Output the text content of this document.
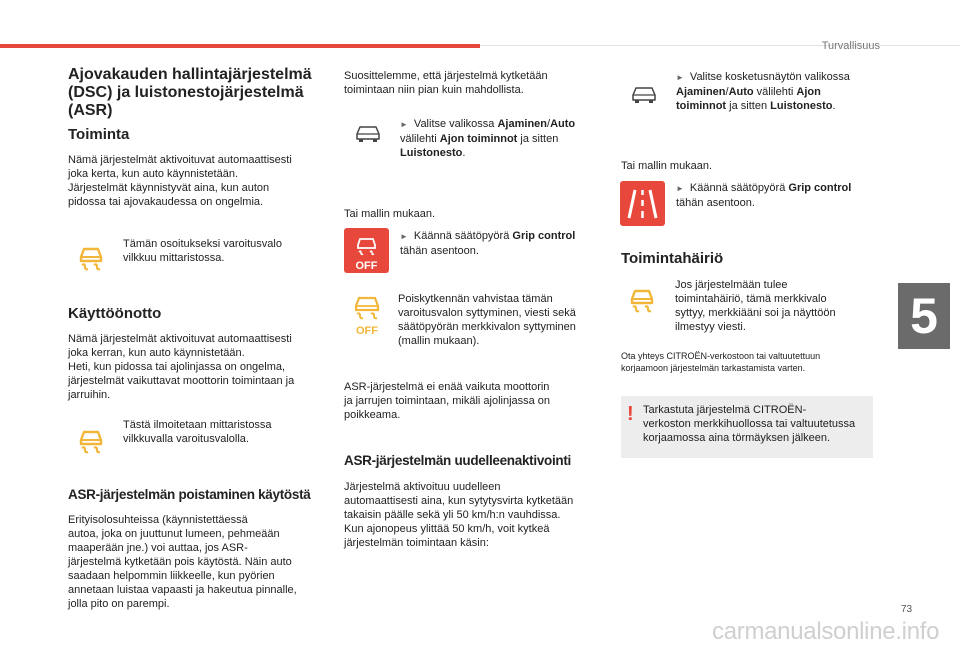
Turvallisuus
5
73
carmanualsonline.info
Ajovakauden hallintajärjestelmä (DSC) ja luistonestojärjestelmä (ASR)
Toiminta

Nämä järjestelmät aktivoituvat automaattisesti
joka kerta, kun auto käynnistetään.
Järjestelmät käynnistyvät aina, kun auton
pidossa tai ajovakaudessa on ongelmia.

Tämän osoitukseksi varoitusvalo
vilkkuu mittaristossa.

Käyttöönotto

Nämä järjestelmät aktivoituvat automaattisesti
joka kerran, kun auto käynnistetään.
Heti, kun pidossa tai ajolinjassa on ongelma,
järjestelmät vaikuttavat moottorin toimintaan ja
jarruihin.

Tästä ilmoitetaan mittaristossa
vilkkuvalla varoitusvalolla.

ASR-järjestelmän poistaminen käytöstä

Erityisolosuhteissa (käynnistettäessä
autoa, joka on juuttunut lumeen, pehmeään
maaperään jne.) voi auttaa, jos ASR-
järjestelmä kytketään pois käytöstä. Näin auto
saadaan helpommin liikkeelle, kun pyörien
annetaan luistaa vapaasti ja hakeutua pinnalle,
jolla pito on parempi.

Suosittelemme, että järjestelmä kytketään
toimintaan niin pian kuin mahdollista.

► Valitse valikossa Ajaminen/Auto välilehti Ajon toiminnot ja sitten Luistonesto.

Tai mallin mukaan.

OFF
► Käännä säätöpyörä Grip control tähän asentoon.
OFF

Poiskytkennän vahvistaa tämän
varoitusvalon syttyminen, viesti sekä
säätöpyörän merkkivalon syttyminen
(mallin mukaan).

ASR-järjestelmä ei enää vaikuta moottorin
ja jarrujen toimintaan, mikäli ajolinjassa on
poikkeama.

ASR-järjestelmän uudelleenaktivointi

Järjestelmä aktivoituu uudelleen
automaattisesti aina, kun sytytysvirta kytketään
takaisin päälle sekä yli 50 km/h:n vauhdissa.
Kun ajonopeus ylittää 50 km/h, voit kytkeä
järjestelmän toimintaan käsin:

► Valitse kosketusnäytön valikossa Ajaminen/Auto välilehti Ajon toiminnot ja sitten Luistonesto.

Tai mallin mukaan.

► Käännä säätöpyörä Grip control tähän asentoon.
Toimintahäiriö

Jos järjestelmään tulee
toimintahäiriö, tämä merkkivalo
syttyy, merkkiääni soi ja näyttöön
ilmestyy viesti.

Ota yhteys CITROËN-verkostoon tai valtuutettuun
korjaamoon järjestelmän tarkastamista varten.

! Tarkastuta järjestelmä CITROËN-
verkoston merkkihuollossa tai valtuutetussa
korjaamossa aina törmäyksen jälkeen.
